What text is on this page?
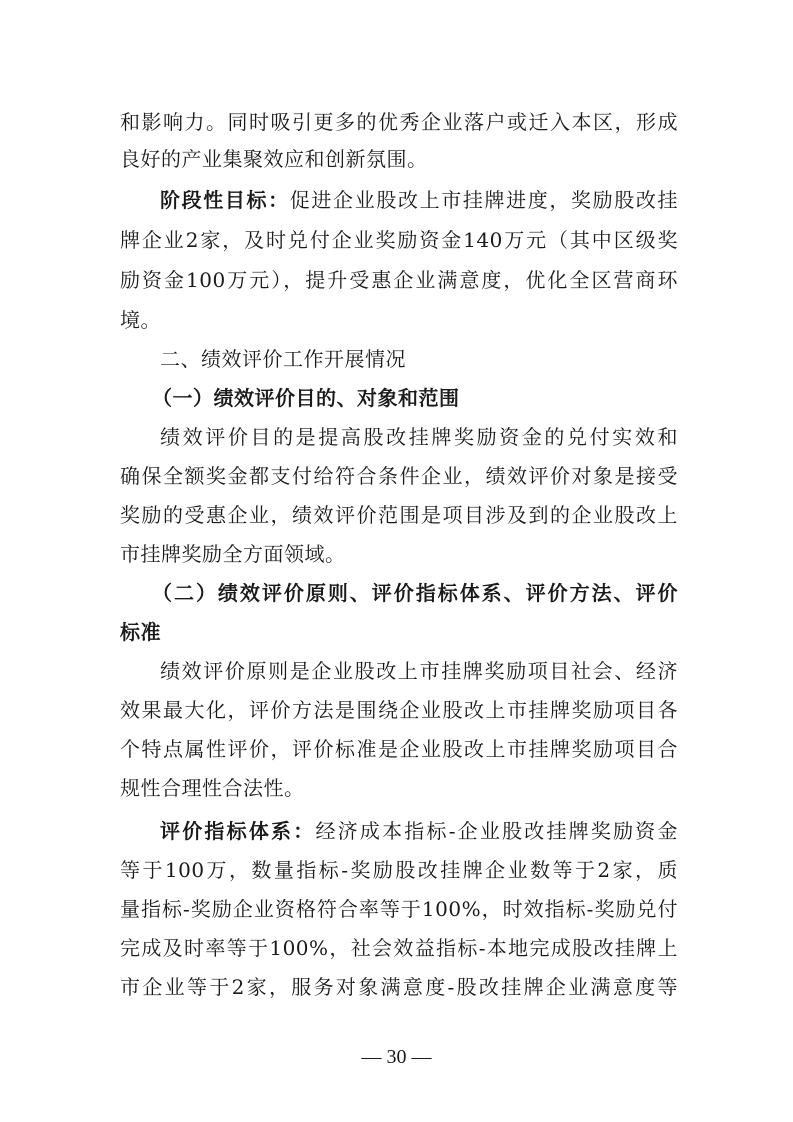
和影响力。同时吸引更多的优秀企业落户或迁入本区，形成
良好的产业集聚效应和创新氛围。
阶段性目标：促进企业股改上市挂牌进度，奖励股改挂
牌企业2家，及时兑付企业奖励资金140万元（其中区级奖
励资金100万元），提升受惠企业满意度，优化全区营商环
境。
二、绩效评价工作开展情况
（一）绩效评价目的、对象和范围
绩效评价目的是提高股改挂牌奖励资金的兑付实效和
确保全额奖金都支付给符合条件企业，绩效评价对象是接受
奖励的受惠企业，绩效评价范围是项目涉及到的企业股改上
市挂牌奖励全方面领域。
（二）绩效评价原则、评价指标体系、评价方法、评价
标准
绩效评价原则是企业股改上市挂牌奖励项目社会、经济
效果最大化，评价方法是围绕企业股改上市挂牌奖励项目各
个特点属性评价，评价标准是企业股改上市挂牌奖励项目合
规性合理性合法性。
评价指标体系：经济成本指标-企业股改挂牌奖励资金
等于100万，数量指标-奖励股改挂牌企业数等于2家，质
量指标-奖励企业资格符合率等于100%，时效指标-奖励兑付
完成及时率等于100%，社会效益指标-本地完成股改挂牌上
市企业等于2家，服务对象满意度-股改挂牌企业满意度等
— 30 —
